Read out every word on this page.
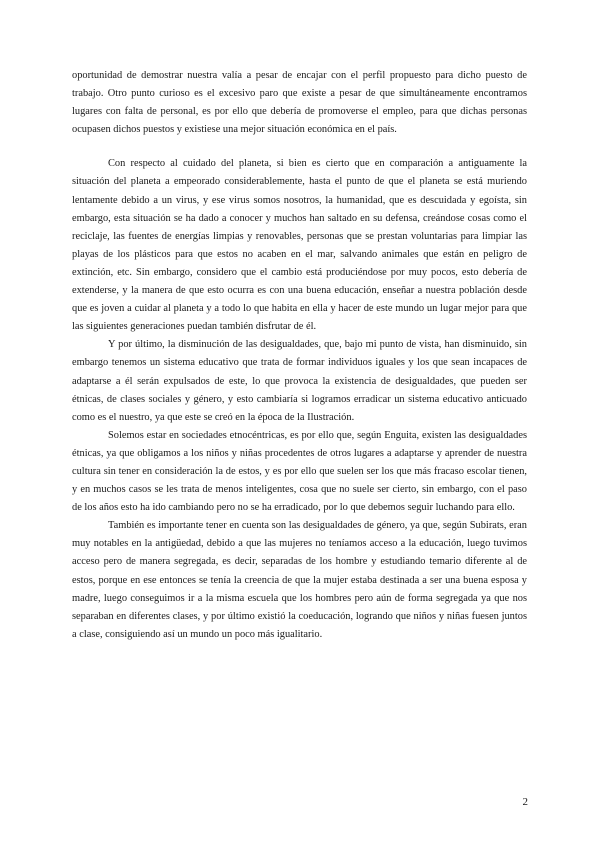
oportunidad de demostrar nuestra valía a pesar de encajar con el perfil propuesto para dicho puesto de trabajo. Otro punto curioso es el excesivo paro que existe a pesar de que simultáneamente encontramos lugares con falta de personal, es por ello que debería de promoverse el empleo, para que dichas personas ocupasen dichos puestos y existiese una mejor situación económica en el país.

Con respecto al cuidado del planeta, si bien es cierto que en comparación a antiguamente la situación del planeta a empeorado considerablemente, hasta el punto de que el planeta se está muriendo lentamente debido a un virus, y ese virus somos nosotros, la humanidad, que es descuidada y egoísta, sin embargo, esta situación se ha dado a conocer y muchos han saltado en su defensa, creándose cosas como el reciclaje, las fuentes de energías limpias y renovables, personas que se prestan voluntarias para limpiar las playas de los plásticos para que estos no acaben en el mar, salvando animales que están en peligro de extinción, etc. Sin embargo, considero que el cambio está produciéndose por muy pocos, esto debería de extenderse, y la manera de que esto ocurra es con una buena educación, enseñar a nuestra población desde que es joven a cuidar al planeta y a todo lo que habita en ella y hacer de este mundo un lugar mejor para que las siguientes generaciones puedan también disfrutar de él.

Y por último, la disminución de las desigualdades, que, bajo mi punto de vista, han disminuido, sin embargo tenemos un sistema educativo que trata de formar individuos iguales y los que sean incapaces de adaptarse a él serán expulsados de este, lo que provoca la existencia de desigualdades, que pueden ser étnicas, de clases sociales y género, y esto cambiaría si logramos erradicar un sistema educativo anticuado como es el nuestro, ya que este se creó en la época de la Ilustración.

Solemos estar en sociedades etnocéntricas, es por ello que, según Enguita, existen las desigualdades étnicas, ya que obligamos a los niños y niñas procedentes de otros lugares a adaptarse y aprender de nuestra cultura sin tener en consideración la de estos, y es por ello que suelen ser los que más fracaso escolar tienen, y en muchos casos se les trata de menos inteligentes, cosa que no suele ser cierto, sin embargo, con el paso de los años esto ha ido cambiando pero no se ha erradicado, por lo que debemos seguir luchando para ello.

También es importante tener en cuenta son las desigualdades de género, ya que, según Subirats, eran muy notables en la antigüedad, debido a que las mujeres no teníamos acceso a la educación, luego tuvimos acceso pero de manera segregada, es decir, separadas de los hombre y estudiando temario diferente al de estos, porque en ese entonces se tenía la creencia de que la mujer estaba destinada a ser una buena esposa y madre, luego conseguimos ir a la misma escuela que los hombres pero aún de forma segregada ya que nos separaban en diferentes clases, y por último existió la coeducación, logrando que niños y niñas fuesen juntos a clase, consiguiendo así un mundo un poco más igualitario.

2
